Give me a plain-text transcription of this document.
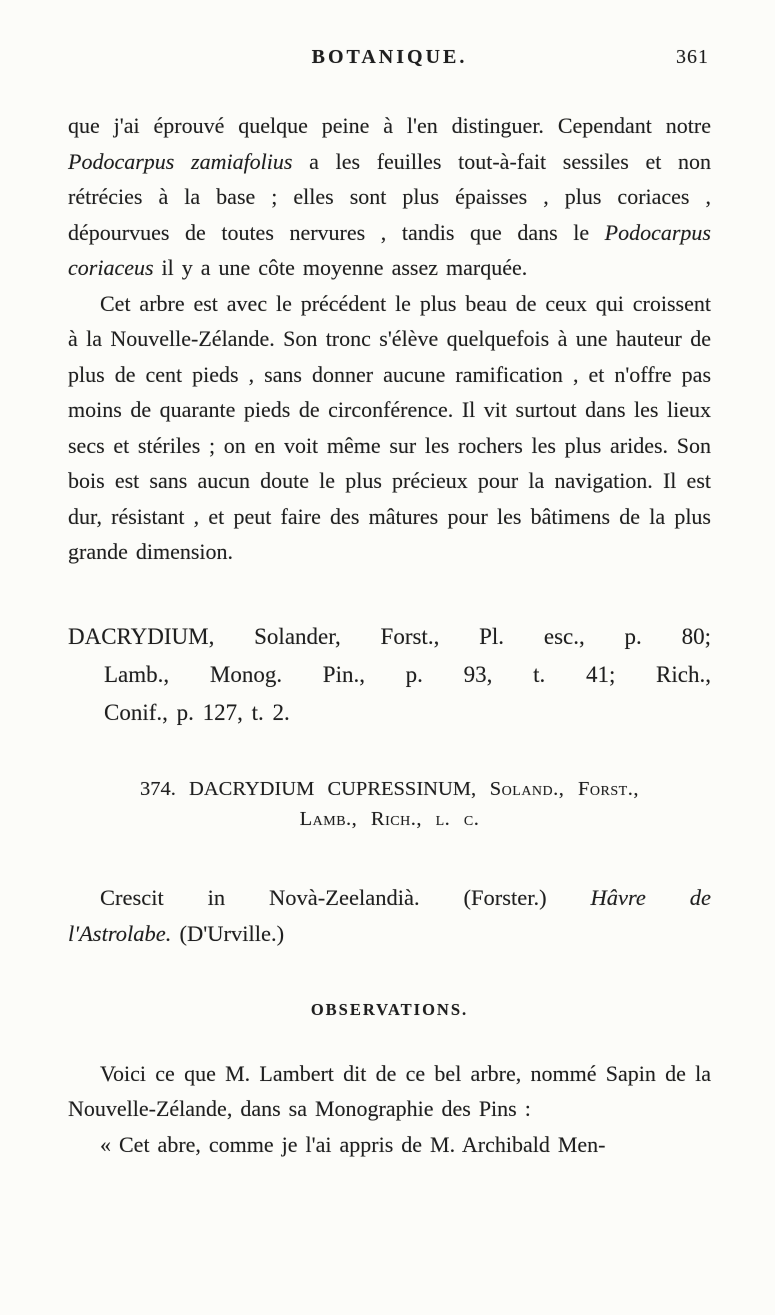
BOTANIQUE.	361

que j'ai éprouvé quelque peine à l'en distinguer. Cependant notre Podocarpus zamiafolius a les feuilles tout-à-fait sessiles et non rétrécies à la base ; elles sont plus épaisses , plus coriaces , dépourvues de toutes nervures , tandis que dans le Podocarpus coriaceus il y a une côte moyenne assez marquée.

Cet arbre est avec le précédent le plus beau de ceux qui croissent à la Nouvelle-Zélande. Son tronc s'élève quelquefois à une hauteur de plus de cent pieds , sans donner aucune ramification , et n'offre pas moins de quarante pieds de circonférence. Il vit surtout dans les lieux secs et stériles ; on en voit même sur les rochers les plus arides. Son bois est sans aucun doute le plus précieux pour la navigation. Il est dur, résistant , et peut faire des mâtures pour les bâtimens de la plus grande dimension.

DACRYDIUM, Solander, Forst., Pl. esc., p. 80;
Lamb., Monog. Pin., p. 93, t. 41; Rich.,
Conif., p. 127, t. 2.
374. DACRYDIUM CUPRESSINUM, Soland., Forst.,
Lamb., Rich., l. c.

Crescit in Novà-Zeelandià. (Forster.) Hâvre de
l'Astrolabe. (D'Urville.)

OBSERVATIONS.

Voici ce que M. Lambert dit de ce bel arbre, nommé Sapin de la Nouvelle-Zélande, dans sa Monographie des Pins :

« Cet abre, comme je l'ai appris de M. Archibald Men-
